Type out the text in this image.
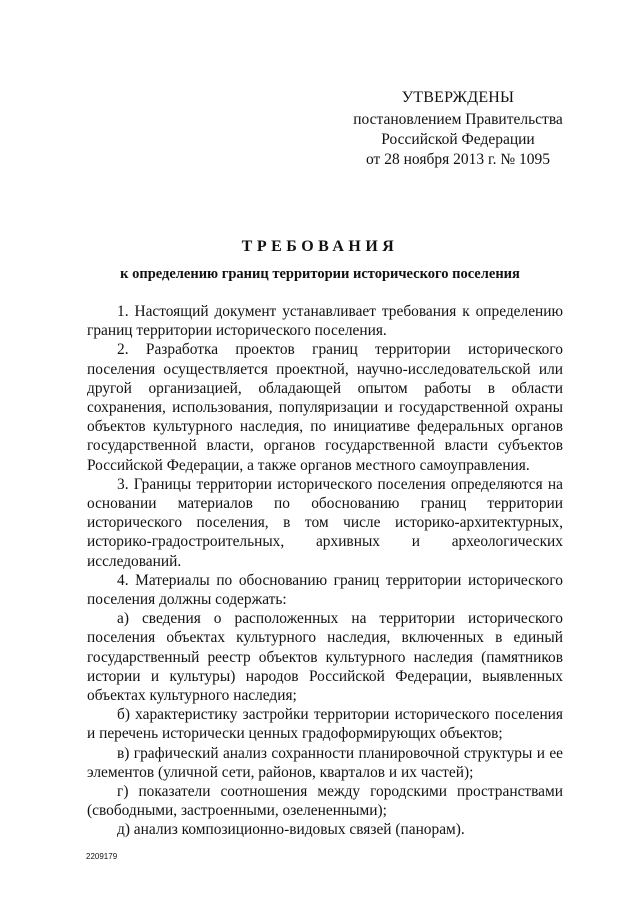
УТВЕРЖДЕНЫ
постановлением Правительства
Российской Федерации
от 28 ноября 2013 г. № 1095
ТРЕБОВАНИЯ
к определению границ территории исторического поселения

1. Настоящий документ устанавливает требования к определению границ территории исторического поселения.

2. Разработка проектов границ территории исторического поселения осуществляется проектной, научно-исследовательской или другой организацией, обладающей опытом работы в области сохранения, использования, популяризации и государственной охраны объектов культурного наследия, по инициативе федеральных органов государственной власти, органов государственной власти субъектов Российской Федерации, а также органов местного самоуправления.

3. Границы территории исторического поселения определяются на основании материалов по обоснованию границ территории исторического поселения, в том числе историко-архитектурных, историко-градостроительных, архивных и археологических исследований.

4. Материалы по обоснованию границ территории исторического поселения должны содержать:

а) сведения о расположенных на территории исторического поселения объектах культурного наследия, включенных в единый государственный реестр объектов культурного наследия (памятников истории и культуры) народов Российской Федерации, выявленных объектах культурного наследия;

б) характеристику застройки территории исторического поселения и перечень исторически ценных градоформирующих объектов;

в) графический анализ сохранности планировочной структуры и ее элементов (уличной сети, районов, кварталов и их частей);

г) показатели соотношения между городскими пространствами (свободными, застроенными, озелененными);

д) анализ композиционно-видовых связей (панорам).

2209179
